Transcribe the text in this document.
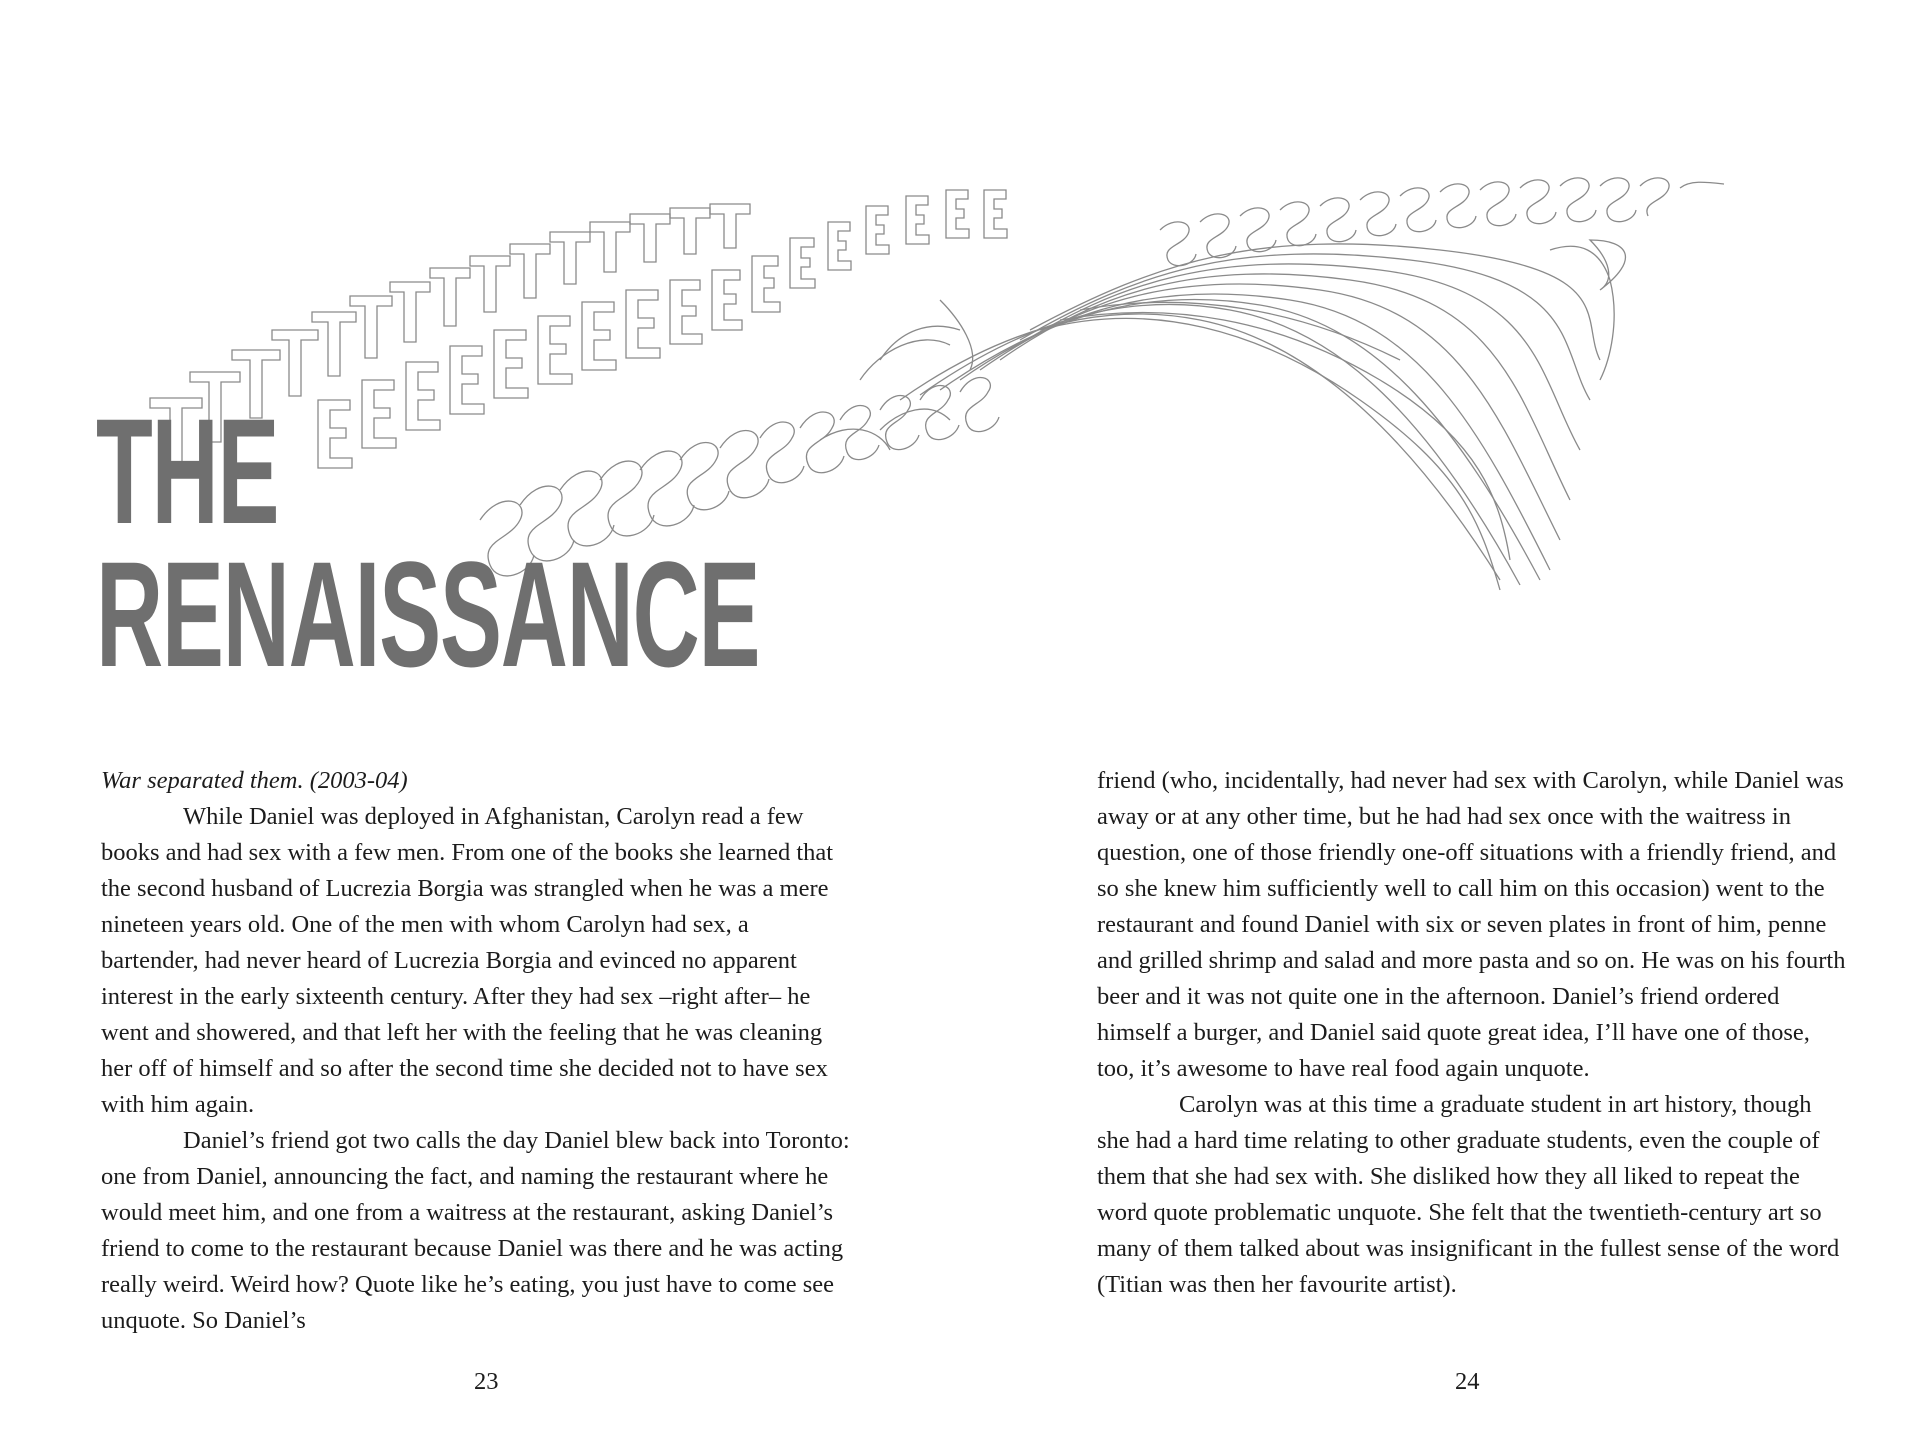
THE
RENAISSANCE
War separated them. (2003-04)

While Daniel was deployed in Afghanistan, Carolyn read a few books and had sex with a few men. From one of the books she learned that the second husband of Lucrezia Borgia was strangled when he was a mere nineteen years old. One of the men with whom Carolyn had sex, a bartender, had never heard of Lucrezia Borgia and evinced no apparent interest in the early sixteenth century. After they had sex –right after– he went and showered, and that left her with the feeling that he was cleaning her off of himself and so after the second time she decided not to have sex with him again.

Daniel’s friend got two calls the day Daniel blew back into Toronto: one from Daniel, announcing the fact, and naming the restaurant where he would meet him, and one from a waitress at the restaurant, asking Daniel’s friend to come to the restaurant because Daniel was there and he was acting really weird. Weird how? Quote like he’s eating, you just have to come see unquote. So Daniel’s

23

friend (who, incidentally, had never had sex with Carolyn, while Daniel was away or at any other time, but he had had sex once with the waitress in question, one of those friendly one-off situations with a friendly friend, and so she knew him sufficiently well to call him on this occasion) went to the restaurant and found Daniel with six or seven plates in front of him, penne and grilled shrimp and salad and more pasta and so on. He was on his fourth beer and it was not quite one in the afternoon. Daniel’s friend ordered himself a burger, and Daniel said quote great idea, I’ll have one of those, too, it’s awesome to have real food again unquote.

Carolyn was at this time a graduate student in art history, though she had a hard time relating to other graduate students, even the couple of them that she had sex with. She disliked how they all liked to repeat the word quote problematic unquote. She felt that the twentieth-century art so many of them talked about was insignificant in the fullest sense of the word (Titian was then her favourite artist).

24
